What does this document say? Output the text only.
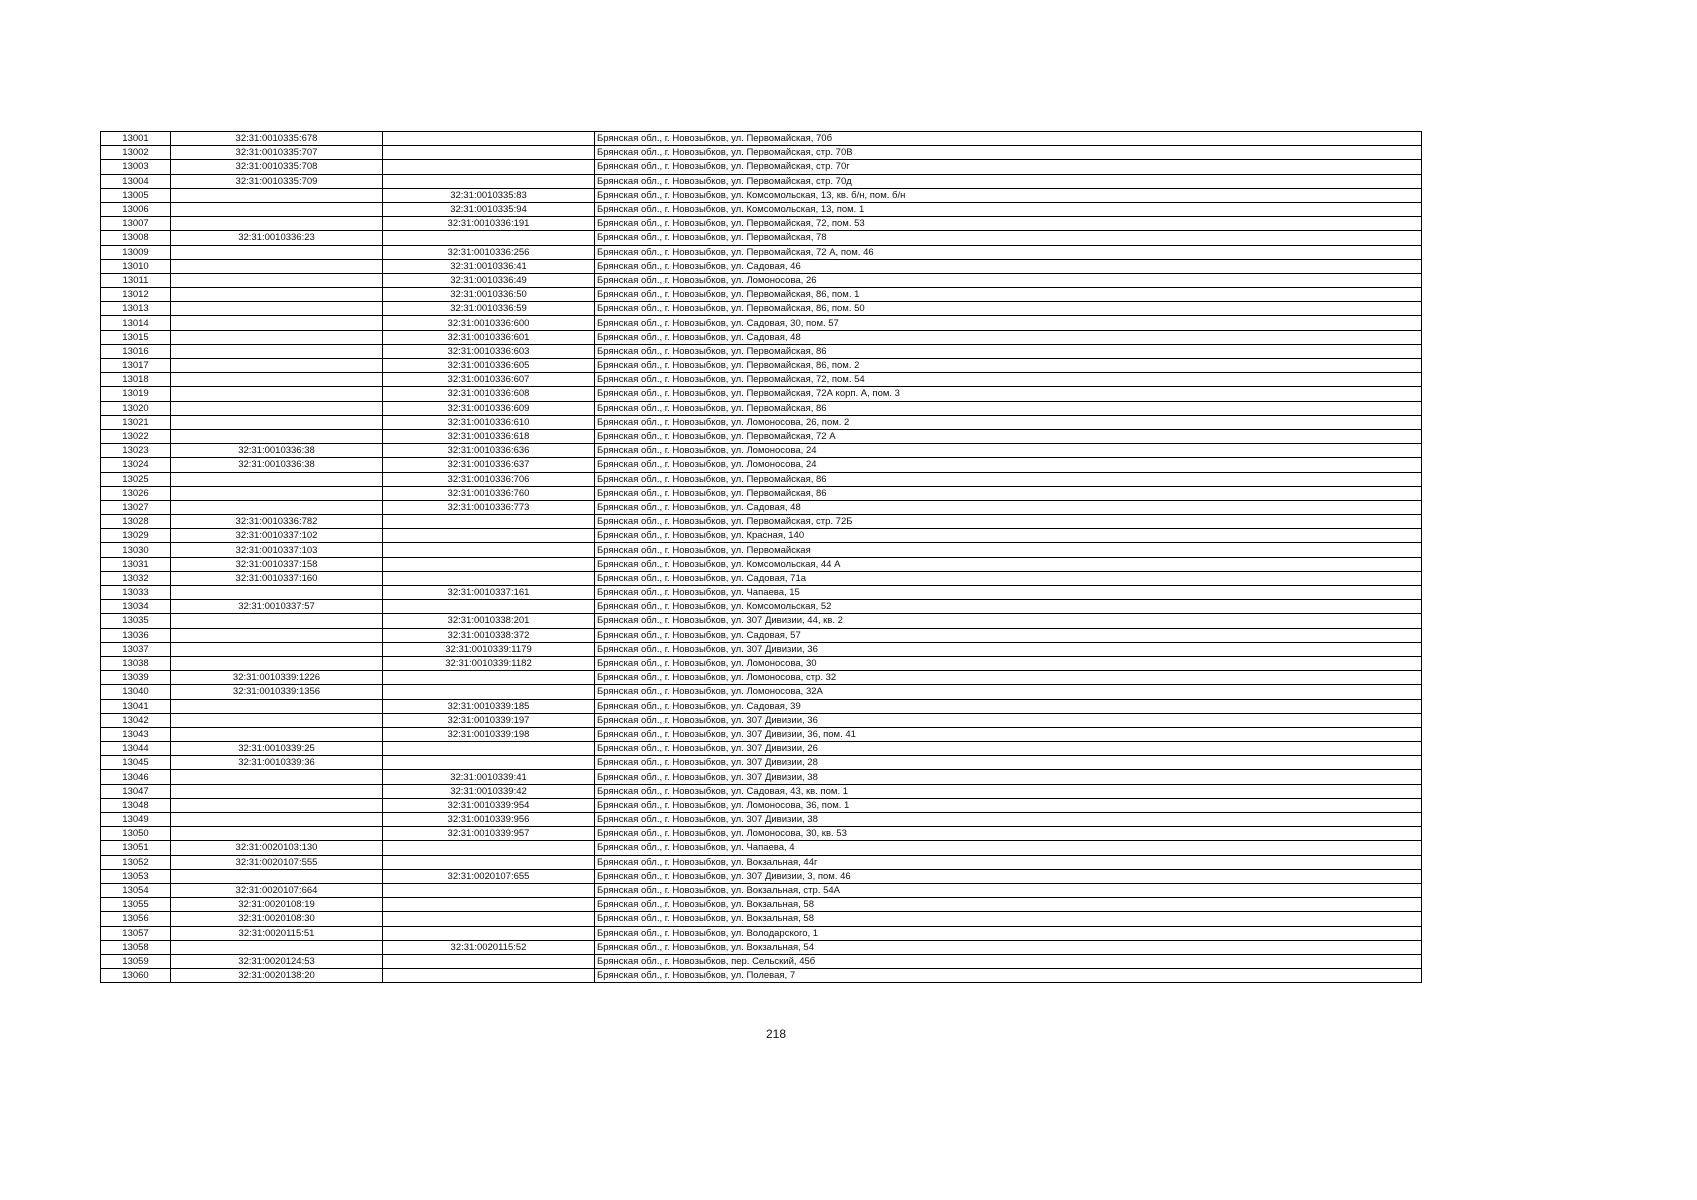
13001	32:31:0010335:678		Брянская обл., г. Новозыбков, ул. Первомайская, 70б
13002	32:31:0010335:707		Брянская обл., г. Новозыбков, ул. Первомайская, стр. 70В
13003	32:31:0010335:708		Брянская обл., г. Новозыбков, ул. Первомайская, стр. 70г
13004	32:31:0010335:709		Брянская обл., г. Новозыбков, ул. Первомайская, стр. 70д
13005		32:31:0010335:83	Брянская обл., г. Новозыбков, ул. Комсомольская, 13, кв. б/н, пом. б/н
13006		32:31:0010335:94	Брянская обл., г. Новозыбков, ул. Комсомольская, 13, пом. 1
13007		32:31:0010336:191	Брянская обл., г. Новозыбков, ул. Первомайская, 72, пом. 53
13008	32:31:0010336:23		Брянская обл., г. Новозыбков, ул. Первомайская, 78
13009		32:31:0010336:256	Брянская обл., г. Новозыбков, ул. Первомайская, 72 А, пом. 46
13010		32:31:0010336:41	Брянская обл., г. Новозыбков, ул. Садовая, 46
13011		32:31:0010336:49	Брянская обл., г. Новозыбков, ул. Ломоносова, 26
13012		32:31:0010336:50	Брянская обл., г. Новозыбков, ул. Первомайская, 86, пом. 1
13013		32:31:0010336:59	Брянская обл., г. Новозыбков, ул. Первомайская, 86, пом. 50
13014		32:31:0010336:600	Брянская обл., г. Новозыбков, ул. Садовая, 30, пом. 57
13015		32:31:0010336:601	Брянская обл., г. Новозыбков, ул. Садовая, 48
13016		32:31:0010336:603	Брянская обл., г. Новозыбков, ул. Первомайская, 86
13017		32:31:0010336:605	Брянская обл., г. Новозыбков, ул. Первомайская, 86, пом. 2
13018		32:31:0010336:607	Брянская обл., г. Новозыбков, ул. Первомайская, 72, пом. 54
13019		32:31:0010336:608	Брянская обл., г. Новозыбков, ул. Первомайская, 72А корп. А, пом. 3
13020		32:31:0010336:609	Брянская обл., г. Новозыбков, ул. Первомайская, 86
13021		32:31:0010336:610	Брянская обл., г. Новозыбков, ул. Ломоносова, 26, пом. 2
13022		32:31:0010336:618	Брянская обл., г. Новозыбков, ул. Первомайская, 72 А
13023	32:31:0010336:38	32:31:0010336:636	Брянская обл., г. Новозыбков, ул. Ломоносова, 24
13024	32:31:0010336:38	32:31:0010336:637	Брянская обл., г. Новозыбков, ул. Ломоносова, 24
13025		32:31:0010336:706	Брянская обл., г. Новозыбков, ул. Первомайская, 86
13026		32:31:0010336:760	Брянская обл., г. Новозыбков, ул. Первомайская, 86
13027		32:31:0010336:773	Брянская обл., г. Новозыбков, ул. Садовая, 48
13028	32:31:0010336:782		Брянская обл., г. Новозыбков, ул. Первомайская, стр. 72Б
13029	32:31:0010337:102		Брянская обл., г. Новозыбков, ул. Красная, 140
13030	32:31:0010337:103		Брянская обл., г. Новозыбков, ул. Первомайская
13031	32:31:0010337:158		Брянская обл., г. Новозыбков, ул. Комсомольская, 44 А
13032	32:31:0010337:160		Брянская обл., г. Новозыбков, ул. Садовая, 71а
13033		32:31:0010337:161	Брянская обл., г. Новозыбков, ул. Чапаева, 15
13034	32:31:0010337:57		Брянская обл., г. Новозыбков, ул. Комсомольская, 52
13035		32:31:0010338:201	Брянская обл., г. Новозыбков, ул. 307 Дивизии, 44, кв. 2
13036		32:31:0010338:372	Брянская обл., г. Новозыбков, ул. Садовая, 57
13037		32:31:0010339:1179	Брянская обл., г. Новозыбков, ул. 307 Дивизии, 36
13038		32:31:0010339:1182	Брянская обл., г. Новозыбков, ул. Ломоносова, 30
13039	32:31:0010339:1226		Брянская обл., г. Новозыбков, ул. Ломоносова, стр. 32
13040	32:31:0010339:1356		Брянская обл., г. Новозыбков, ул. Ломоносова, 32А
13041		32:31:0010339:185	Брянская обл., г. Новозыбков, ул. Садовая, 39
13042		32:31:0010339:197	Брянская обл., г. Новозыбков, ул. 307 Дивизии, 36
13043		32:31:0010339:198	Брянская обл., г. Новозыбков, ул. 307 Дивизии, 36, пом. 41
13044	32:31:0010339:25		Брянская обл., г. Новозыбков, ул. 307 Дивизии, 26
13045	32:31:0010339:36		Брянская обл., г. Новозыбков, ул. 307 Дивизии, 28
13046		32:31:0010339:41	Брянская обл., г. Новозыбков, ул. 307 Дивизии, 38
13047		32:31:0010339:42	Брянская обл., г. Новозыбков, ул. Садовая, 43, кв. пом. 1
13048		32:31:0010339:954	Брянская обл., г. Новозыбков, ул. Ломоносова, 36, пом. 1
13049		32:31:0010339:956	Брянская обл., г. Новозыбков, ул. 307 Дивизии, 38
13050		32:31:0010339:957	Брянская обл., г. Новозыбков, ул. Ломоносова, 30, кв. 53
13051	32:31:0020103:130		Брянская обл., г. Новозыбков, ул. Чапаева, 4
13052	32:31:0020107:555		Брянская обл., г. Новозыбков, ул. Вокзальная, 44г
13053		32:31:0020107:655	Брянская обл., г. Новозыбков, ул. 307 Дивизии, 3, пом. 46
13054	32:31:0020107:664		Брянская обл., г. Новозыбков, ул. Вокзальная, стр. 54А
13055	32:31:0020108:19		Брянская обл., г. Новозыбков, ул. Вокзальная, 58
13056	32:31:0020108:30		Брянская обл., г. Новозыбков, ул. Вокзальная, 58
13057	32:31:0020115:51		Брянская обл., г. Новозыбков, ул. Володарского, 1
13058		32:31:0020115:52	Брянская обл., г. Новозыбков, ул. Вокзальная, 54
13059	32:31:0020124:53		Брянская обл., г. Новозыбков, пер. Сельский, 45б
13060	32:31:0020138:20		Брянская обл., г. Новозыбков, ул. Полевая, 7
218
